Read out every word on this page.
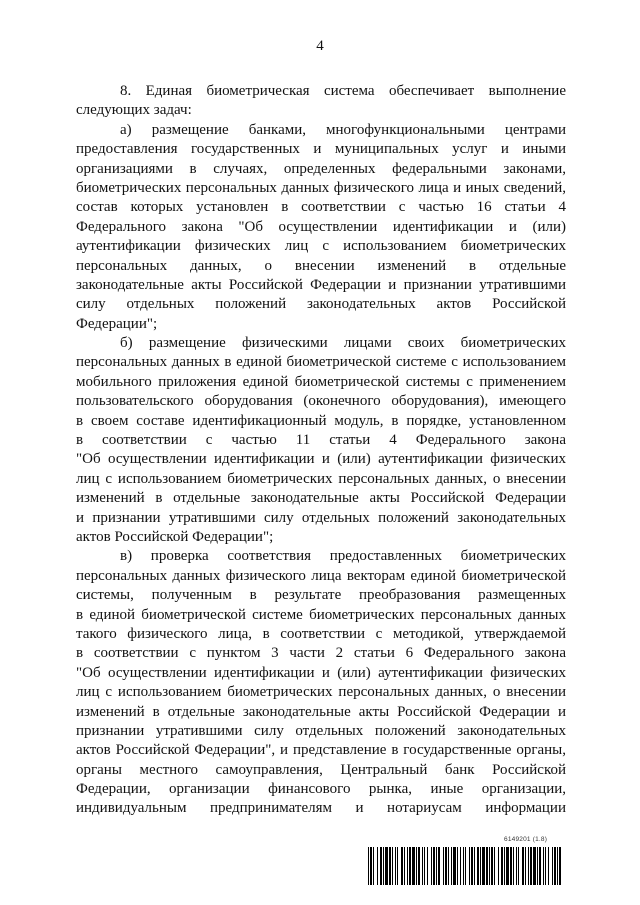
4
8. Единая биометрическая система обеспечивает выполнение
следующих задач:
а) размещение банками, многофункциональными центрами
предоставления государственных и муниципальных услуг и иными
организациями в случаях, определенных федеральными законами,
биометрических персональных данных физического лица и иных сведений,
состав которых установлен в соответствии с частью 16 статьи 4
Федерального закона "Об осуществлении идентификации и (или)
аутентификации физических лиц с использованием биометрических
персональных данных, о внесении изменений в отдельные
законодательные акты Российской Федерации и признании утратившими
силу отдельных положений законодательных актов Российской
Федерации";
б) размещение физическими лицами своих биометрических
персональных данных в единой биометрической системе с использованием
мобильного приложения единой биометрической системы с применением
пользовательского оборудования (оконечного оборудования), имеющего
в своем составе идентификационный модуль, в порядке, установленном
в соответствии с частью 11 статьи 4 Федерального закона
"Об осуществлении идентификации и (или) аутентификации физических
лиц с использованием биометрических персональных данных, о внесении
изменений в отдельные законодательные акты Российской Федерации
и признании утратившими силу отдельных положений законодательных
актов Российской Федерации";
в) проверка соответствия предоставленных биометрических
персональных данных физического лица векторам единой биометрической
системы, полученным в результате преобразования размещенных
в единой биометрической системе биометрических персональных данных
такого физического лица, в соответствии с методикой, утверждаемой
в соответствии с пунктом 3 части 2 статьи 6 Федерального закона
"Об осуществлении идентификации и (или) аутентификации физических
лиц с использованием биометрических персональных данных, о внесении
изменений в отдельные законодательные акты Российской Федерации и
признании утратившими силу отдельных положений законодательных
актов Российской Федерации", и представление в государственные органы,
органы местного самоуправления, Центральный банк Российской
Федерации, организации финансового рынка, иные организации,
индивидуальным предпринимателям и нотариусам информации
6149201 (1.8)
